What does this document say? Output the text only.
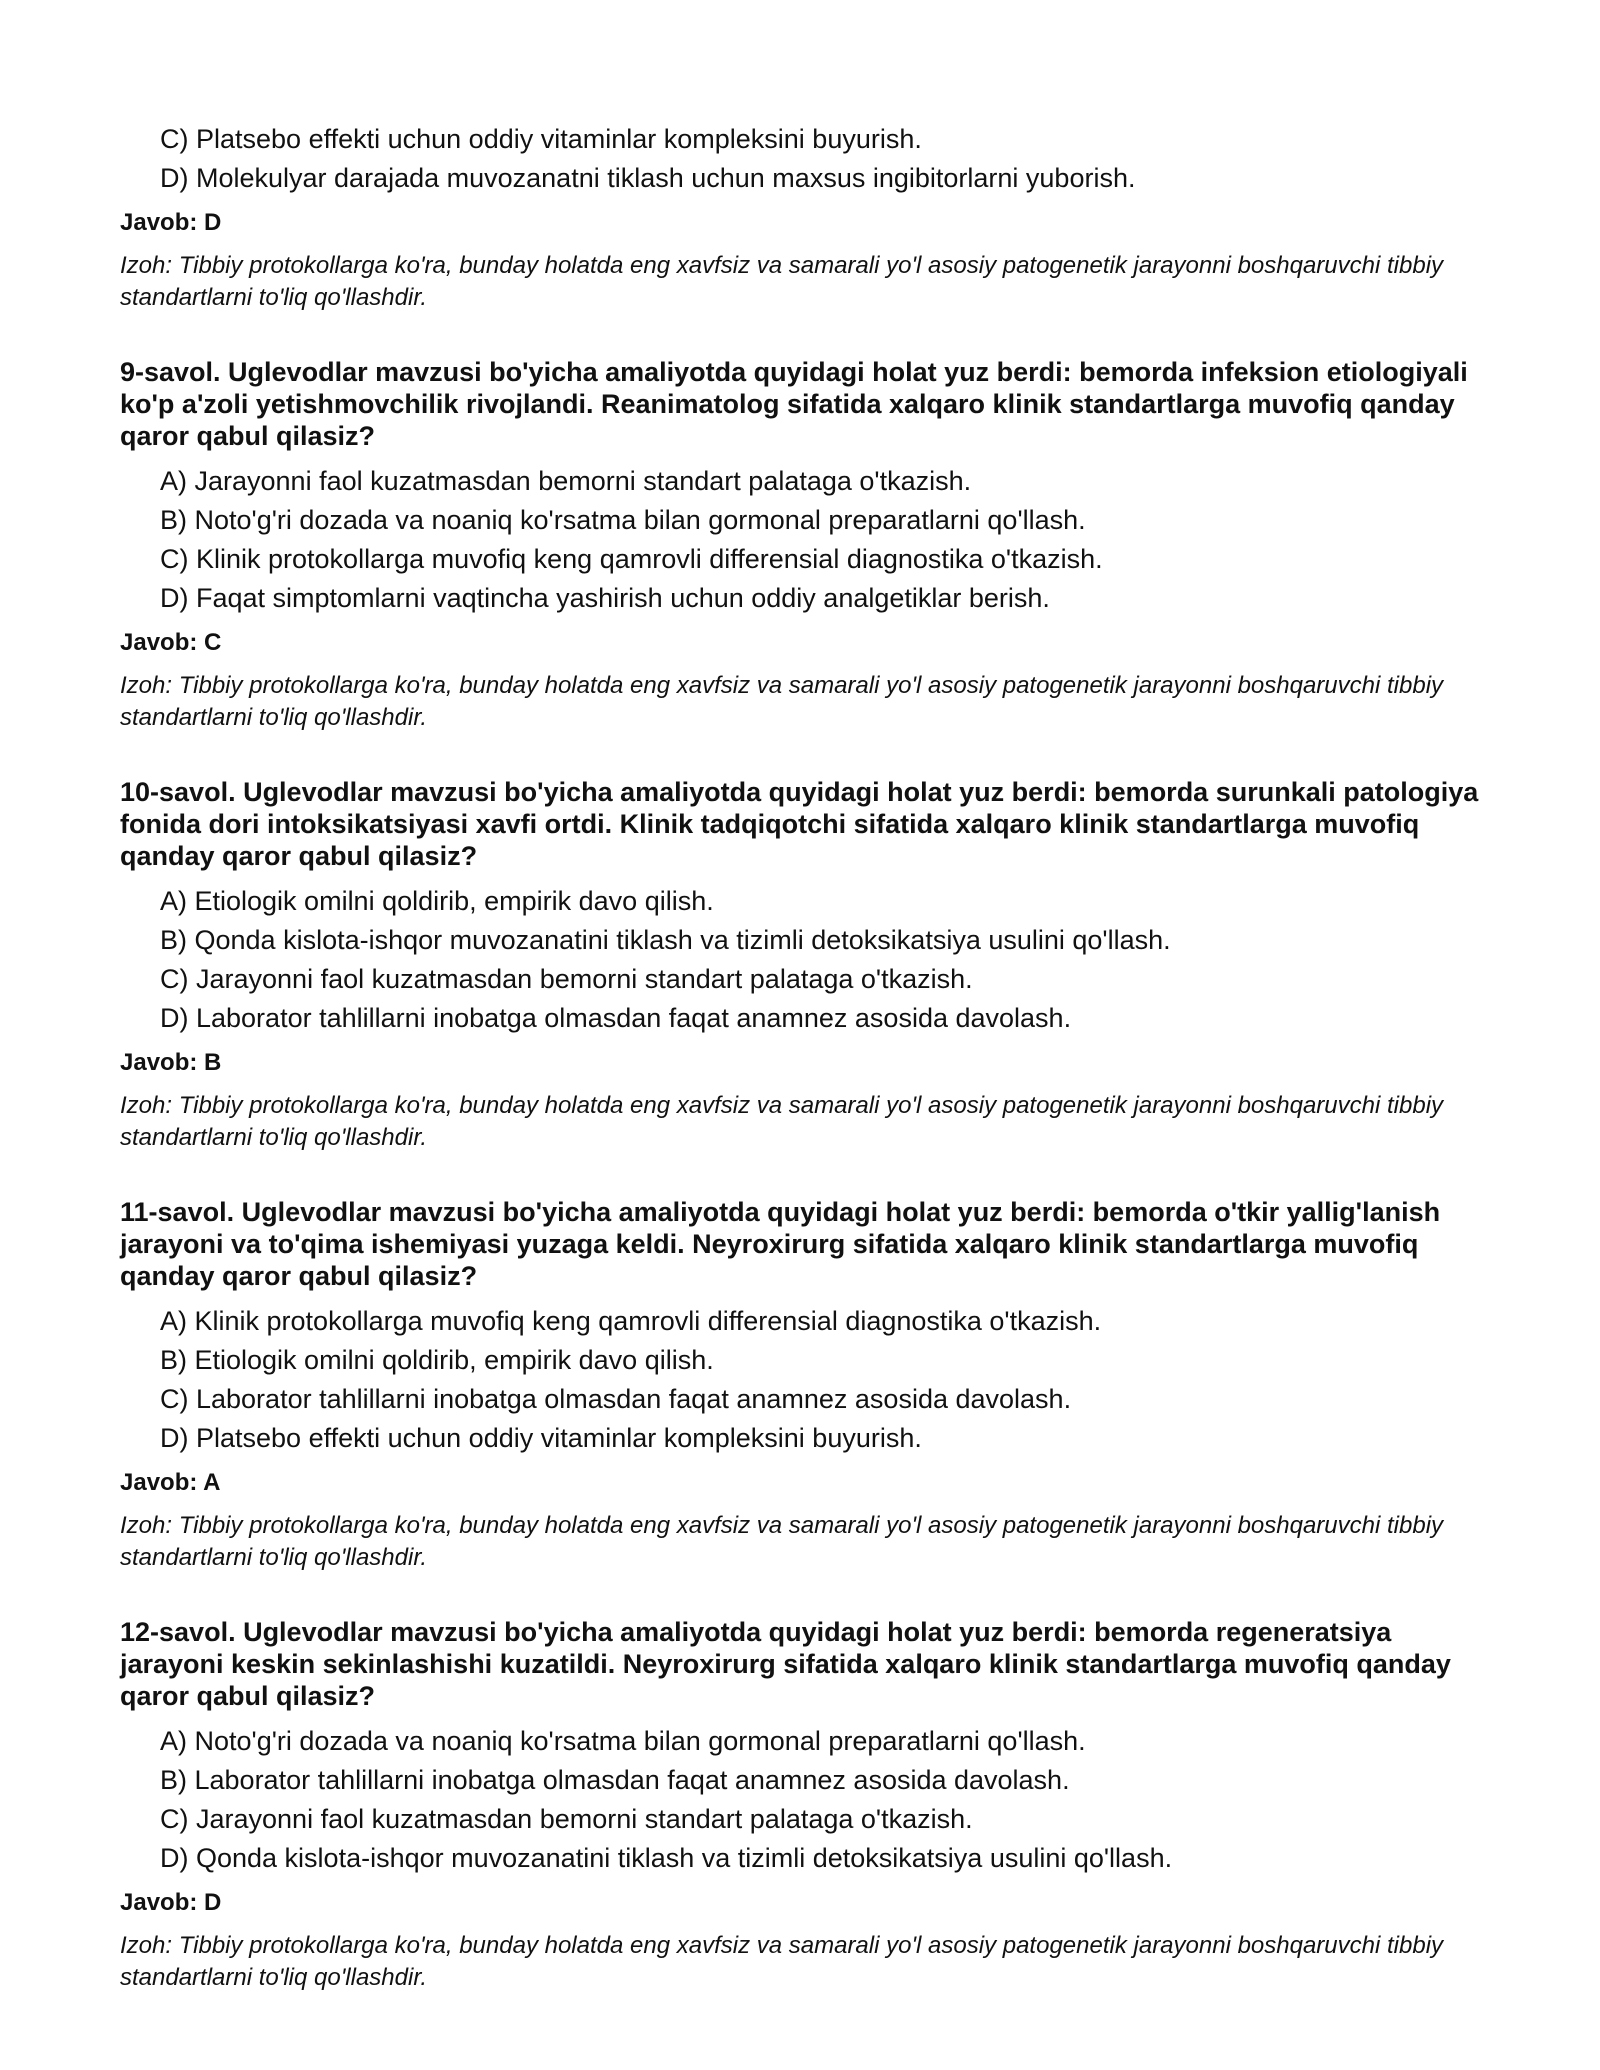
C) Platsebo effekti uchun oddiy vitaminlar kompleksini buyurish.
D) Molekulyar darajada muvozanatni tiklash uchun maxsus ingibitorlarni yuborish.
Javob: D
Izoh: Tibbiy protokollarga ko'ra, bunday holatda eng xavfsiz va samarali yo'l asosiy patogenetik jarayonni boshqaruvchi tibbiy standartlarni to'liq qo'llashdir.
9-savol. Uglevodlar mavzusi bo'yicha amaliyotda quyidagi holat yuz berdi: bemorda infeksion etiologiyali ko'p a'zoli yetishmovchilik rivojlandi. Reanimatolog sifatida xalqaro klinik standartlarga muvofiq qanday qaror qabul qilasiz?
A) Jarayonni faol kuzatmasdan bemorni standart palataga o'tkazish.
B) Noto'g'ri dozada va noaniq ko'rsatma bilan gormonal preparatlarni qo'llash.
C) Klinik protokollarga muvofiq keng qamrovli differensial diagnostika o'tkazish.
D) Faqat simptomlarni vaqtincha yashirish uchun oddiy analgetiklar berish.
Javob: C
Izoh: Tibbiy protokollarga ko'ra, bunday holatda eng xavfsiz va samarali yo'l asosiy patogenetik jarayonni boshqaruvchi tibbiy standartlarni to'liq qo'llashdir.
10-savol. Uglevodlar mavzusi bo'yicha amaliyotda quyidagi holat yuz berdi: bemorda surunkali patologiya fonida dori intoksikatsiyasi xavfi ortdi. Klinik tadqiqotchi sifatida xalqaro klinik standartlarga muvofiq qanday qaror qabul qilasiz?
A) Etiologik omilni qoldirib, empirik davo qilish.
B) Qonda kislota-ishqor muvozanatini tiklash va tizimli detoksikatsiya usulini qo'llash.
C) Jarayonni faol kuzatmasdan bemorni standart palataga o'tkazish.
D) Laborator tahlillarni inobatga olmasdan faqat anamnez asosida davolash.
Javob: B
Izoh: Tibbiy protokollarga ko'ra, bunday holatda eng xavfsiz va samarali yo'l asosiy patogenetik jarayonni boshqaruvchi tibbiy standartlarni to'liq qo'llashdir.
11-savol. Uglevodlar mavzusi bo'yicha amaliyotda quyidagi holat yuz berdi: bemorda o'tkir yallig'lanish jarayoni va to'qima ishemiyasi yuzaga keldi. Neyroxirurg sifatida xalqaro klinik standartlarga muvofiq qanday qaror qabul qilasiz?
A) Klinik protokollarga muvofiq keng qamrovli differensial diagnostika o'tkazish.
B) Etiologik omilni qoldirib, empirik davo qilish.
C) Laborator tahlillarni inobatga olmasdan faqat anamnez asosida davolash.
D) Platsebo effekti uchun oddiy vitaminlar kompleksini buyurish.
Javob: A
Izoh: Tibbiy protokollarga ko'ra, bunday holatda eng xavfsiz va samarali yo'l asosiy patogenetik jarayonni boshqaruvchi tibbiy standartlarni to'liq qo'llashdir.
12-savol. Uglevodlar mavzusi bo'yicha amaliyotda quyidagi holat yuz berdi: bemorda regeneratsiya jarayoni keskin sekinlashishi kuzatildi. Neyroxirurg sifatida xalqaro klinik standartlarga muvofiq qanday qaror qabul qilasiz?
A) Noto'g'ri dozada va noaniq ko'rsatma bilan gormonal preparatlarni qo'llash.
B) Laborator tahlillarni inobatga olmasdan faqat anamnez asosida davolash.
C) Jarayonni faol kuzatmasdan bemorni standart palataga o'tkazish.
D) Qonda kislota-ishqor muvozanatini tiklash va tizimli detoksikatsiya usulini qo'llash.
Javob: D
Izoh: Tibbiy protokollarga ko'ra, bunday holatda eng xavfsiz va samarali yo'l asosiy patogenetik jarayonni boshqaruvchi tibbiy standartlarni to'liq qo'llashdir.
